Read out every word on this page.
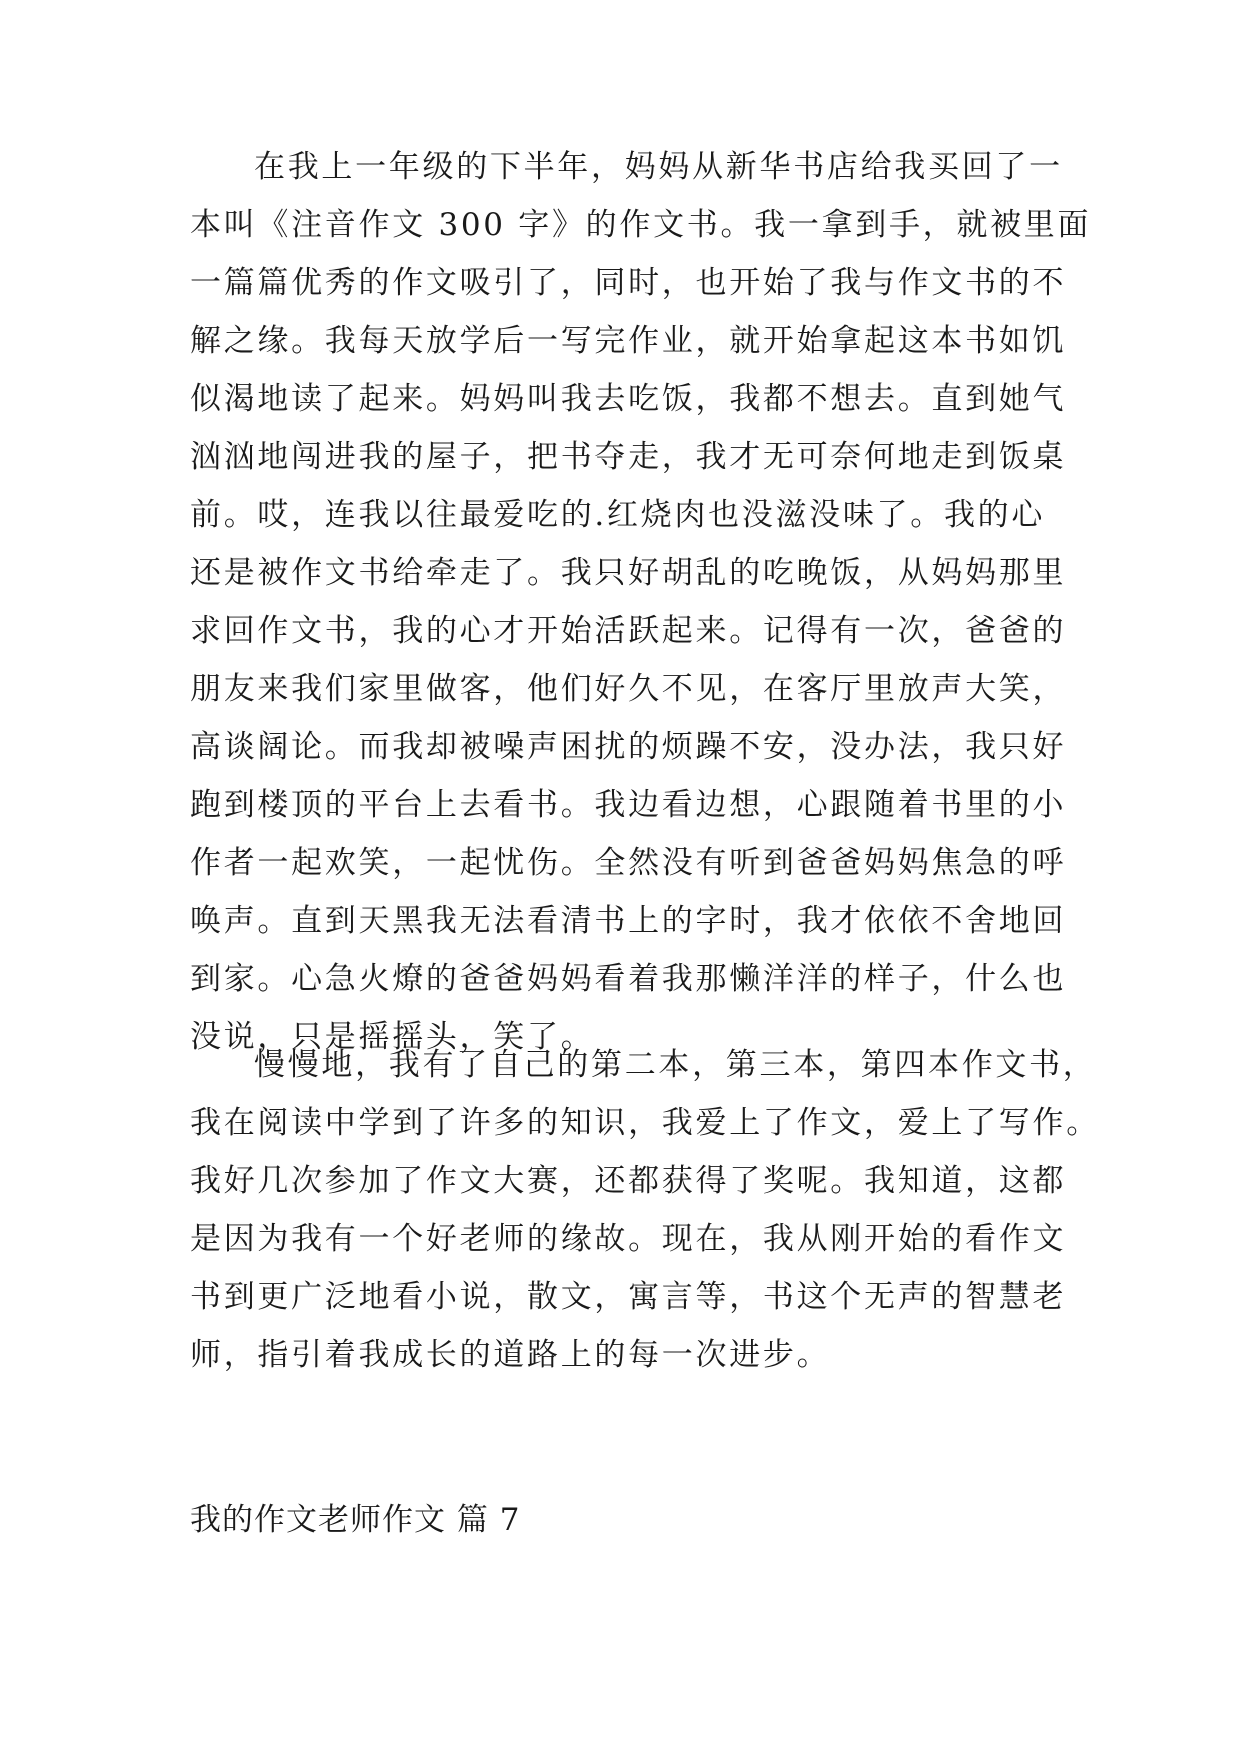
在我上一年级的下半年，妈妈从新华书店给我买回了一
本叫《注音作文 300 字》的作文书。我一拿到手，就被里面
一篇篇优秀的作文吸引了，同时，也开始了我与作文书的不
解之缘。我每天放学后一写完作业，就开始拿起这本书如饥
似渴地读了起来。妈妈叫我去吃饭，我都不想去。直到她气
汹汹地闯进我的屋子，把书夺走，我才无可奈何地走到饭桌
前。哎，连我以往最爱吃的.红烧肉也没滋没味了。我的心
还是被作文书给牵走了。我只好胡乱的吃晚饭，从妈妈那里
求回作文书，我的心才开始活跃起来。记得有一次，爸爸的
朋友来我们家里做客，他们好久不见，在客厅里放声大笑，
高谈阔论。而我却被噪声困扰的烦躁不安，没办法，我只好
跑到楼顶的平台上去看书。我边看边想，心跟随着书里的小
作者一起欢笑，一起忧伤。全然没有听到爸爸妈妈焦急的呼
唤声。直到天黑我无法看清书上的字时，我才依依不舍地回
到家。心急火燎的爸爸妈妈看着我那懒洋洋的样子，什么也
没说，只是摇摇头，笑了。
慢慢地，我有了自己的第二本，第三本，第四本作文书，
我在阅读中学到了许多的知识，我爱上了作文，爱上了写作。
我好几次参加了作文大赛，还都获得了奖呢。我知道，这都
是因为我有一个好老师的缘故。现在，我从刚开始的看作文
书到更广泛地看小说，散文，寓言等，书这个无声的智慧老
师，指引着我成长的道路上的每一次进步。
我的作文老师作文 篇 7
